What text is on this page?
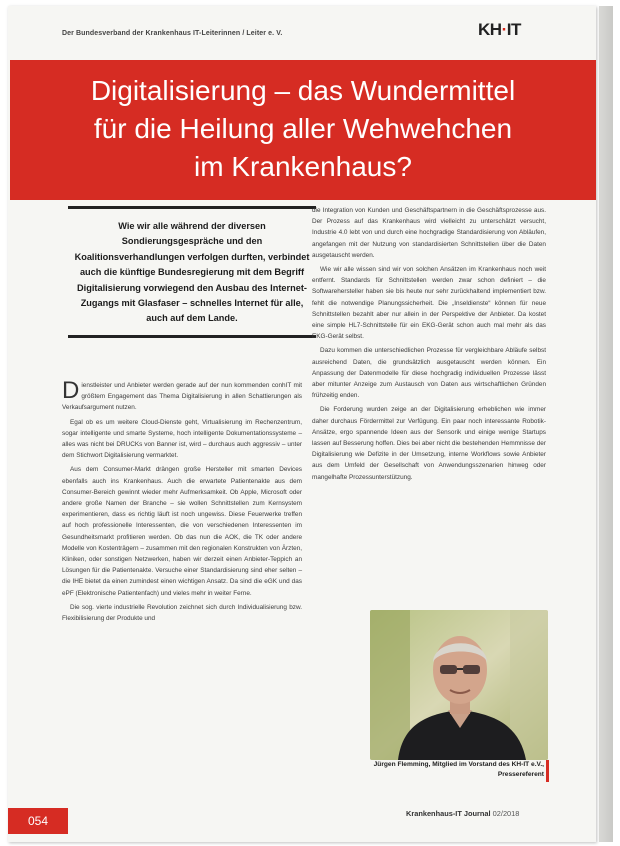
Der Bundesverband der Krankenhaus IT-Leiterinnen / Leiter e. V.	KH·IT
Digitalisierung – das Wundermittel
für die Heilung aller Wehwehchen
im Krankenhaus?
Wie wir alle während der diversen Sondierungsgespräche und den Koalitionsverhandlungen verfolgen durften, verbindet auch die künftige Bundesregierung mit dem Begriff Digitalisierung vorwiegend den Ausbau des Internet-Zugangs mit Glasfaser – schnelles Internet für alle, auch auf dem Lande.

Dienstleister und Anbieter werden gerade auf der nun kommenden conhIT mit größtem Engagement das Thema Digitalisierung in allen Schattierungen als Verkaufsargument nutzen.

Egal ob es um weitere Cloud-Dienste geht, Virtualisierung im Rechenzentrum, sogar intelligente und smarte Systeme, hoch intelligente Dokumentationssysteme – alles was nicht bei DRUCKs von Banner ist, wird – durchaus auch aggressiv – unter dem Stichwort Digitalisierung vermarktet.

Aus dem Consumer-Markt drängen große Hersteller mit smarten Devices ebenfalls auch ins Krankenhaus. Auch die erwartete Patientenakte aus dem Consumer-Bereich gewinnt wieder mehr Aufmerksamkeit. Ob Apple, Microsoft oder andere große Namen der Branche – sie wollen Schnittstellen zum Kernsystem experimentieren, dass es richtig läuft ist noch ungewiss. Diese Feuerwerke treffen auf hoch professionelle Interessenten, die von verschiedenen Interessenten im Gesundheitsmarkt profitieren werden. Ob das nun die AOK, die TK oder andere Modelle von Kostenträgern – zusammen mit den regionalen Konstrukten von Ärzten, Kliniken, oder sonstigen Netzwerken, haben wir derzeit einen Anbieter-Teppich an Lösungen für die Patientenakte. Versuche einer Standardisierung sind eher selten – die IHE bietet da einen zumindest einen wichtigen Ansatz. Da sind die eGK und das ePF (Elektronische Patientenfach) und vieles mehr in weiter Ferne.

Die sog. vierte industrielle Revolution zeichnet sich durch Individualisierung bzw. Flexibilisierung der Produkte und

die Integration von Kunden und Geschäftspartnern in die Geschäftsprozesse aus. Der Prozess auf das Krankenhaus wird vielleicht zu unterschätzt versucht, Industrie 4.0 lebt von und durch eine hochgradige Standardisierung von Abläufen, angefangen mit der Nutzung von standardisierten Schnittstellen über die Daten ausgetauscht werden.

Wie wir alle wissen sind wir von solchen Ansätzen im Krankenhaus noch weit entfernt. Standards für Schnittstellen werden zwar schon definiert – die Softwarehersteller haben sie bis heute nur sehr zurückhaltend implementiert bzw. fehlt die notwendige Planungssicherheit. Die „Inseldienste“ können für neue Schnittstellen bezahlt aber nur allein in der Perspektive der Anbieter. Da kostet eine simple HL7-Schnittstelle für ein EKG-Gerät schon auch mal mehr als das EKG-Gerät selbst.

Dazu kommen die unterschiedlichen Prozesse für vergleichbare Abläufe selbst ausreichend Daten, die grundsätzlich ausgetauscht werden können. Ein Anpassung der Datenmodelle für diese hochgradig individuellen Prozesse lässt aber mitunter Anzeige zum Austausch von Daten aus wirtschaftlichen Gründen frühzeitig enden.

Die Forderung wurden zeige an der Digitalisierung erheblichen wie immer daher durchaus Fördermittel zur Verfügung. Ein paar noch interessante Robotik-Ansätze, ergo spannende Ideen aus der Sensorik und einige wenige Startups lassen auf Besserung hoffen. Dies bei aber nicht die bestehenden Hemmnisse der Digitalisierung wie Defizite in der Umsetzung, interne Workflows sowie Anbieter aus dem Umfeld der Gesellschaft von Anwendungsszenarien hinweg oder mangelhafte Prozessunterstützung.

Jürgen Flemming, Mitglied im Vorstand des KH-IT e.V., Pressereferent
Krankenhaus-IT Journal 02/2018
054
